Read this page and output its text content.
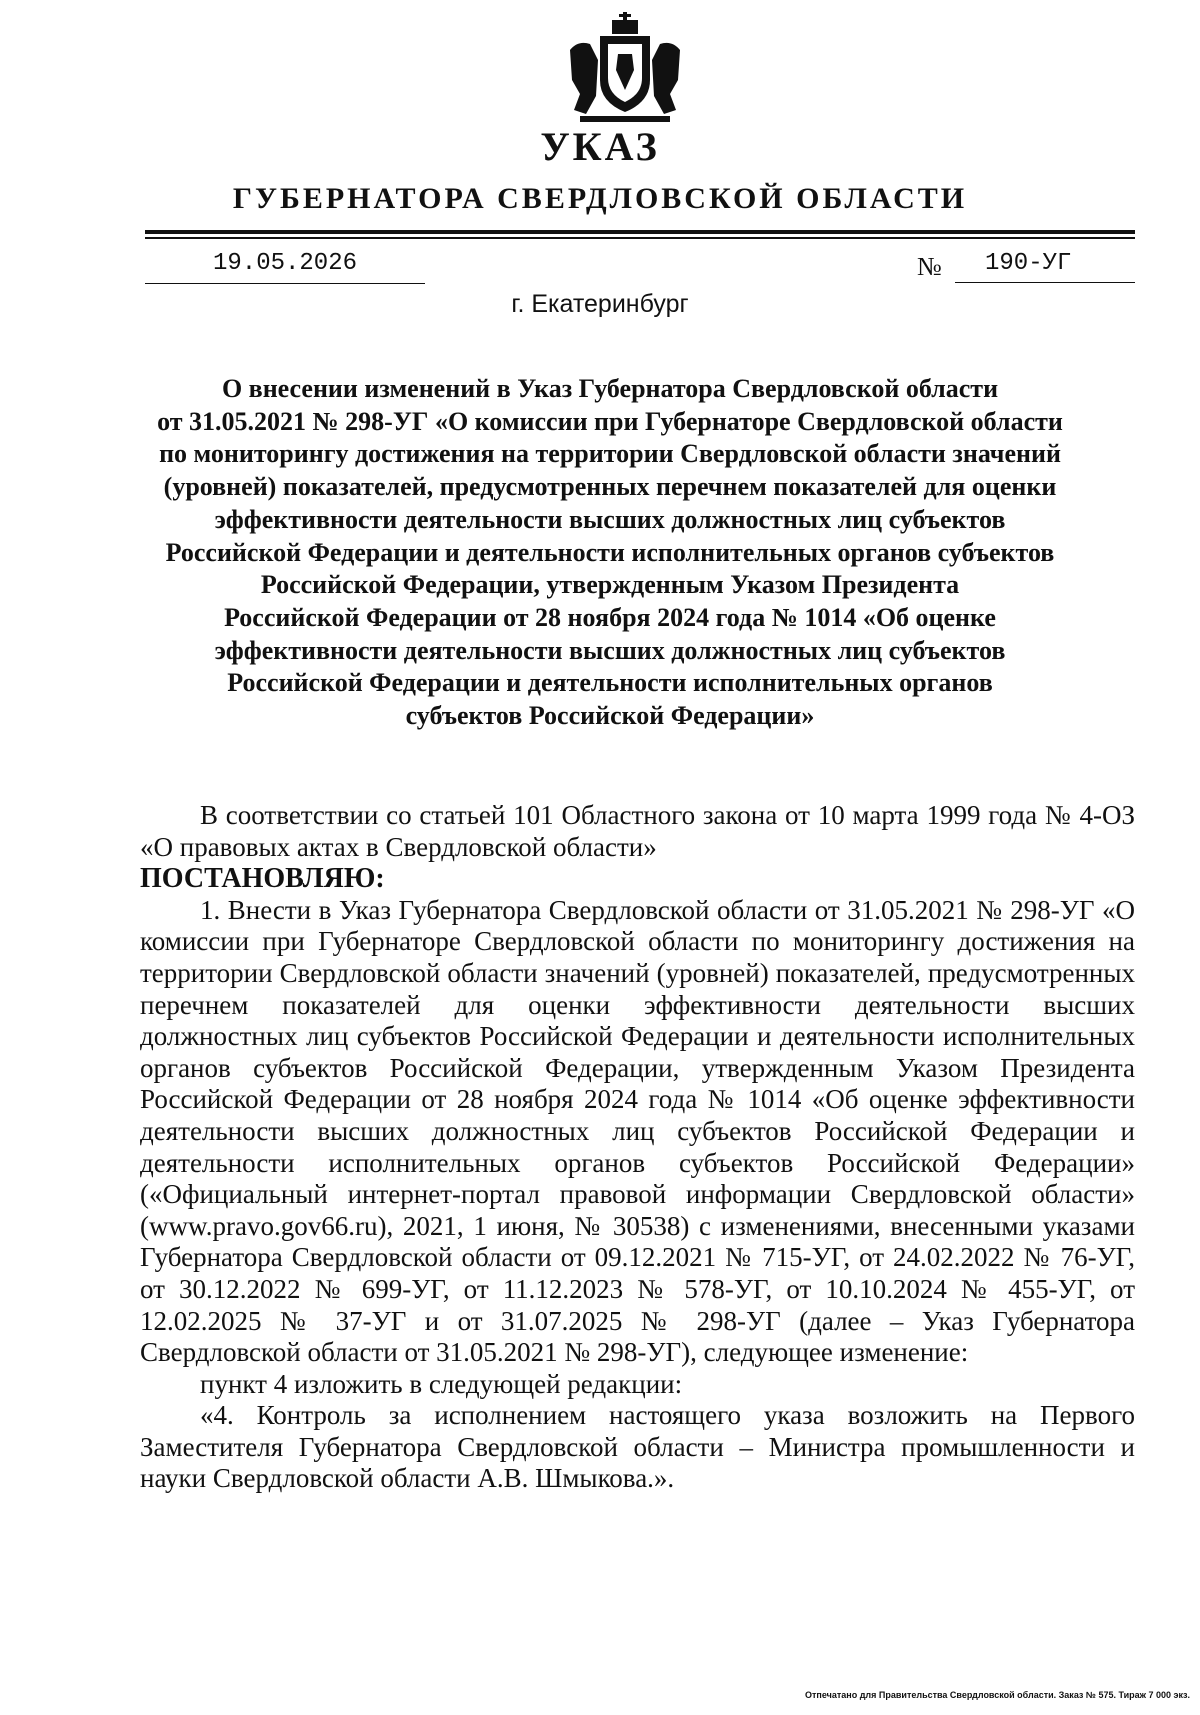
УКАЗ
ГУБЕРНАТОРА СВЕРДЛОВСКОЙ ОБЛАСТИ
19.05.2026	№	190-УГ
г. Екатеринбург
О внесении изменений в Указ Губернатора Свердловской области
от 31.05.2021 № 298-УГ «О комиссии при Губернаторе Свердловской области
по мониторингу достижения на территории Свердловской области значений
(уровней) показателей, предусмотренных перечнем показателей для оценки
эффективности деятельности высших должностных лиц субъектов
Российской Федерации и деятельности исполнительных органов субъектов
Российской Федерации, утвержденным Указом Президента
Российской Федерации от 28 ноября 2024 года № 1014 «Об оценке
эффективности деятельности высших должностных лиц субъектов
Российской Федерации и деятельности исполнительных органов
субъектов Российской Федерации»

В соответствии со статьей 101 Областного закона от 10 марта 1999 года № 4-ОЗ «О правовых актах в Свердловской области»

ПОСТАНОВЛЯЮ:

1. Внести в Указ Губернатора Свердловской области от 31.05.2021 № 298-УГ «О комиссии при Губернаторе Свердловской области по мониторингу достижения на территории Свердловской области значений (уровней) показателей, предусмотренных перечнем показателей для оценки эффективности деятельности высших должностных лиц субъектов Российской Федерации и деятельности исполнительных органов субъектов Российской Федерации, утвержденным Указом Президента Российской Федерации от 28 ноября 2024 года № 1014 «Об оценке эффективности деятельности высших должностных лиц субъектов Российской Федерации и деятельности исполнительных органов субъектов Российской Федерации» («Официальный интернет-портал правовой информации Свердловской области» (www.pravo.gov66.ru), 2021, 1 июня, № 30538) с изменениями, внесенными указами Губернатора Свердловской области от 09.12.2021 № 715-УГ, от 24.02.2022 № 76-УГ, от 30.12.2022 № 699-УГ, от 11.12.2023 № 578-УГ, от 10.10.2024 № 455-УГ, от 12.02.2025 № 37-УГ и от 31.07.2025 № 298-УГ (далее – Указ Губернатора Свердловской области от 31.05.2021 № 298-УГ), следующее изменение:

пункт 4 изложить в следующей редакции:

«4. Контроль за исполнением настоящего указа возложить на Первого Заместителя Губернатора Свердловской области – Министра промышленности и науки Свердловской области А.В. Шмыкова.».

Отпечатано для Правительства Свердловской области. Заказ № 575. Тираж 7 000 экз.
